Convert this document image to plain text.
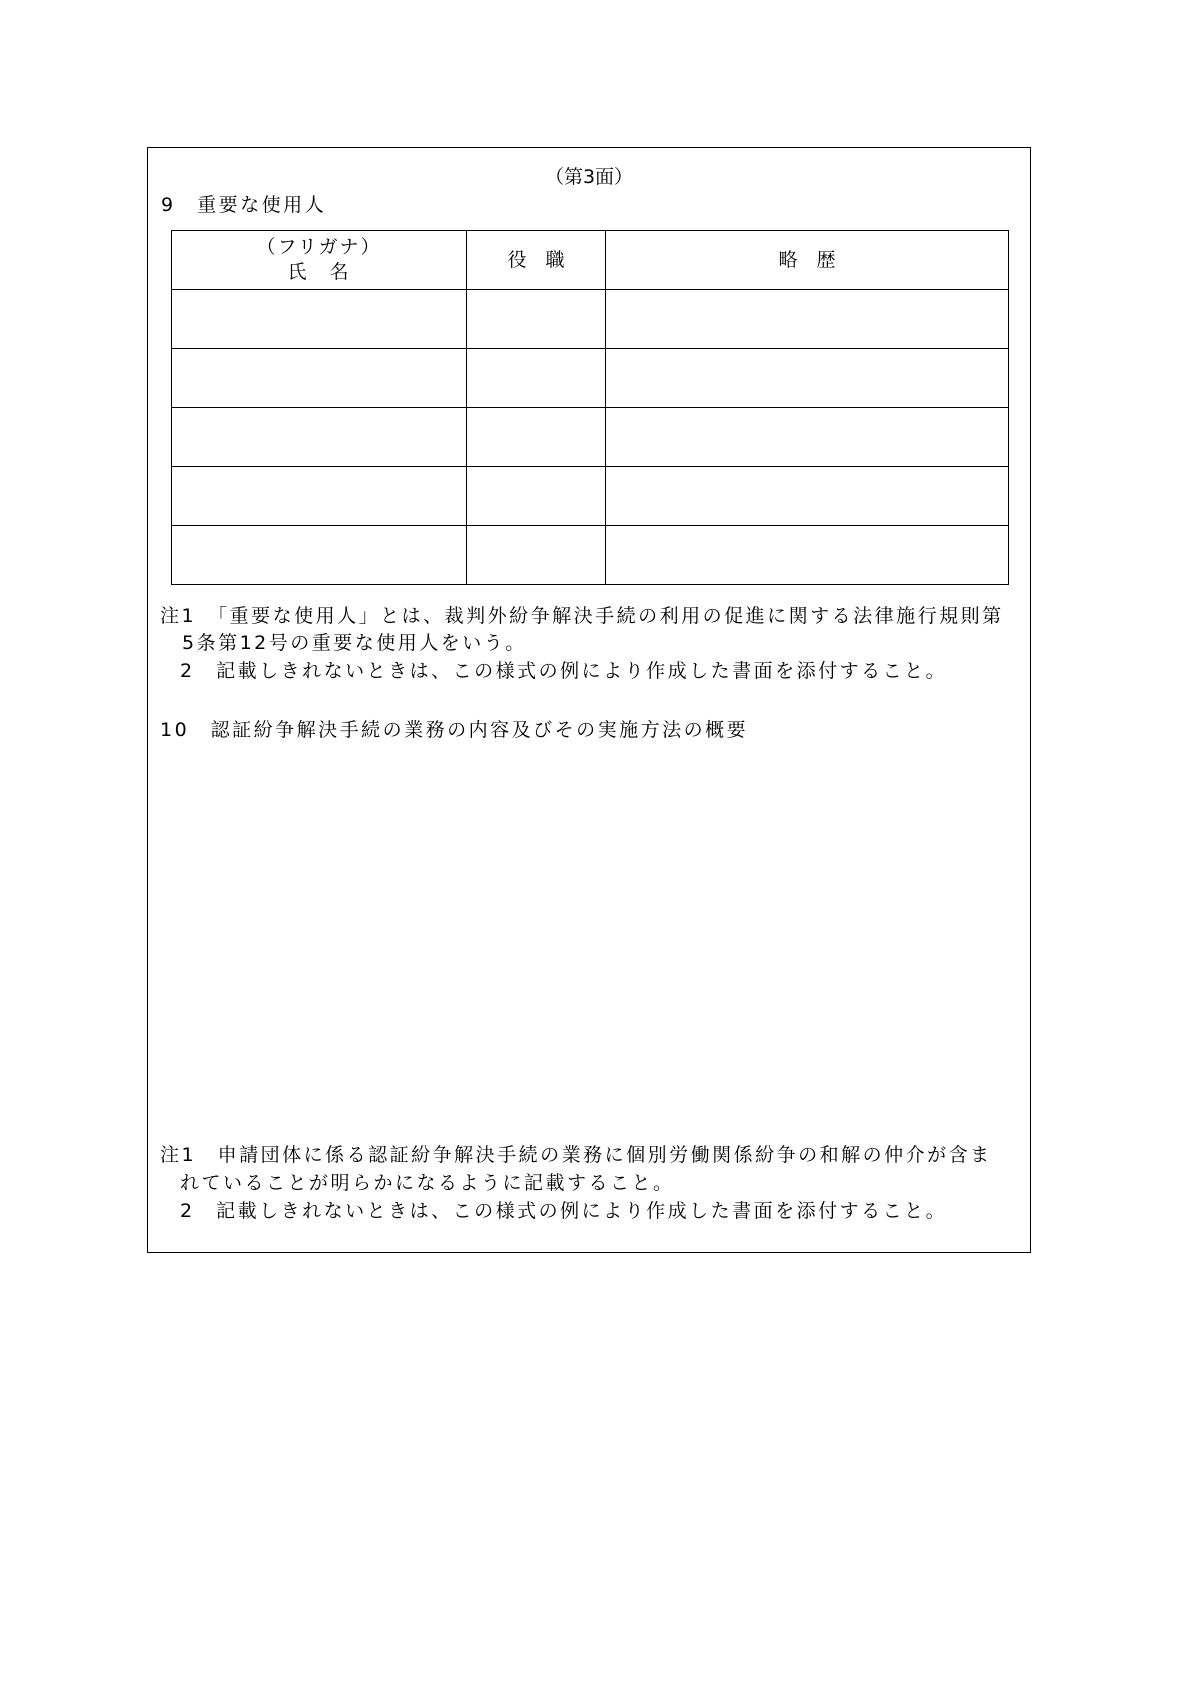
（第3面）
9　重要な使用人
（フリガナ）
氏　名	役　職	略　歴

注1　「重要な使用人」とは、裁判外紛争解決手続の利用の促進に関する法律施行規則第
5条第12号の重要な使用人をいう。
2　記載しきれないときは、この様式の例により作成した書面を添付すること。
10　認証紛争解決手続の業務の内容及びその実施方法の概要
注1　申請団体に係る認証紛争解決手続の業務に個別労働関係紛争の和解の仲介が含ま
れていることが明らかになるように記載すること。
2　記載しきれないときは、この様式の例により作成した書面を添付すること。
